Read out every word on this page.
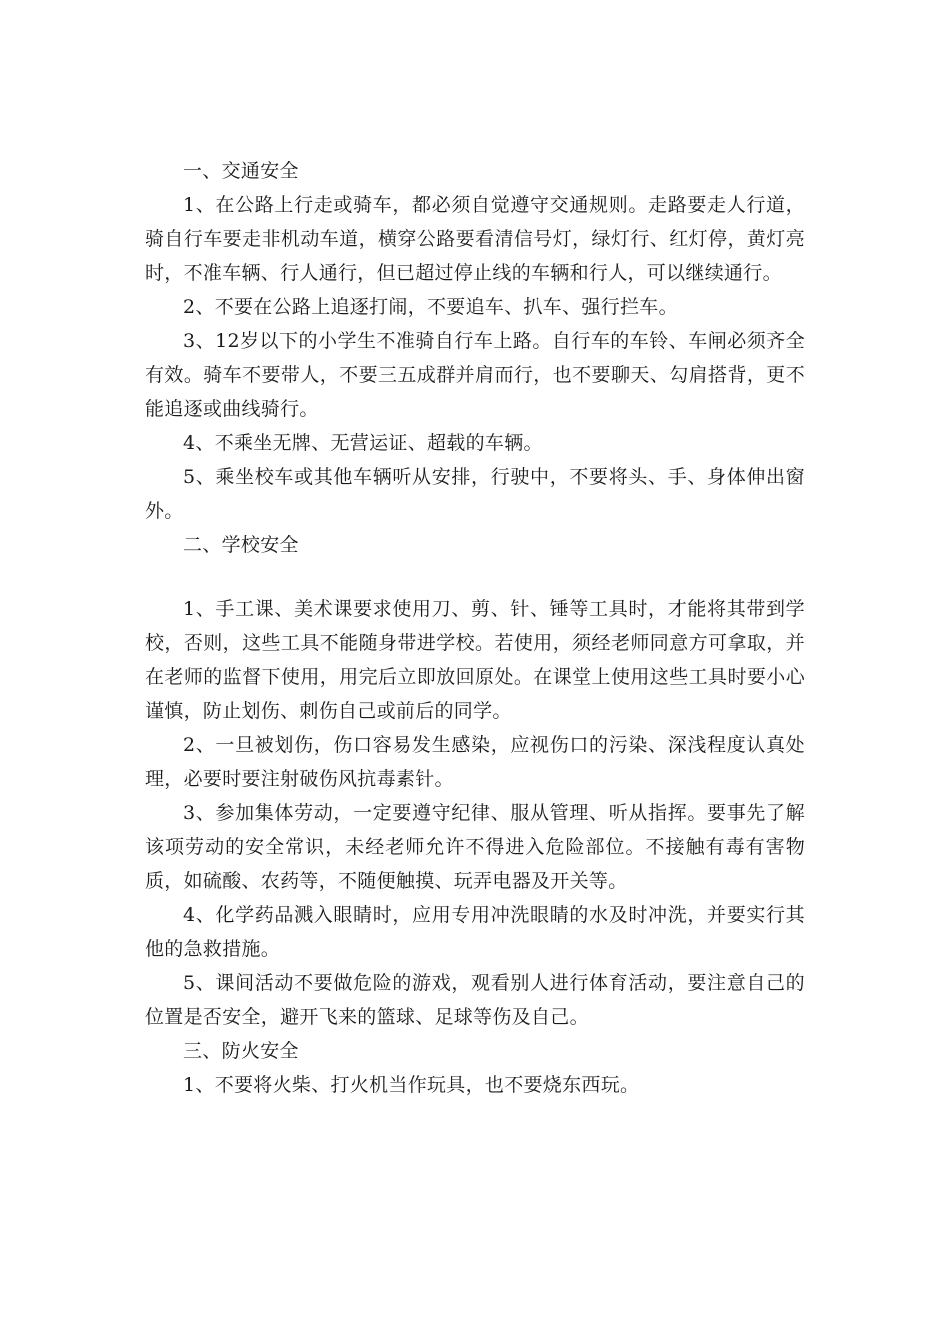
一、交通安全

1、在公路上行走或骑车，都必须自觉遵守交通规则。走路要走人行道，骑自行车要走非机动车道，横穿公路要看清信号灯，绿灯行、红灯停，黄灯亮时，不准车辆、行人通行，但已超过停止线的车辆和行人，可以继续通行。

2、不要在公路上追逐打闹，不要追车、扒车、强行拦车。

3、12岁以下的小学生不准骑自行车上路。自行车的车铃、车闸必须齐全有效。骑车不要带人，不要三五成群并肩而行，也不要聊天、勾肩搭背，更不能追逐或曲线骑行。

4、不乘坐无牌、无营运证、超载的车辆。

5、乘坐校车或其他车辆听从安排，行驶中，不要将头、手、身体伸出窗外。

二、学校安全

1、手工课、美术课要求使用刀、剪、针、锤等工具时，才能将其带到学校，否则，这些工具不能随身带进学校。若使用，须经老师同意方可拿取，并在老师的监督下使用，用完后立即放回原处。在课堂上使用这些工具时要小心谨慎，防止划伤、刺伤自己或前后的同学。

2、一旦被划伤，伤口容易发生感染，应视伤口的污染、深浅程度认真处理，必要时要注射破伤风抗毒素针。

3、参加集体劳动，一定要遵守纪律、服从管理、听从指挥。要事先了解该项劳动的安全常识，未经老师允许不得进入危险部位。不接触有毒有害物质，如硫酸、农药等，不随便触摸、玩弄电器及开关等。

4、化学药品溅入眼睛时，应用专用冲洗眼睛的水及时冲洗，并要实行其他的急救措施。

5、课间活动不要做危险的游戏，观看别人进行体育活动，要注意自己的位置是否安全，避开飞来的篮球、足球等伤及自己。

三、防火安全

1、不要将火柴、打火机当作玩具，也不要烧东西玩。
